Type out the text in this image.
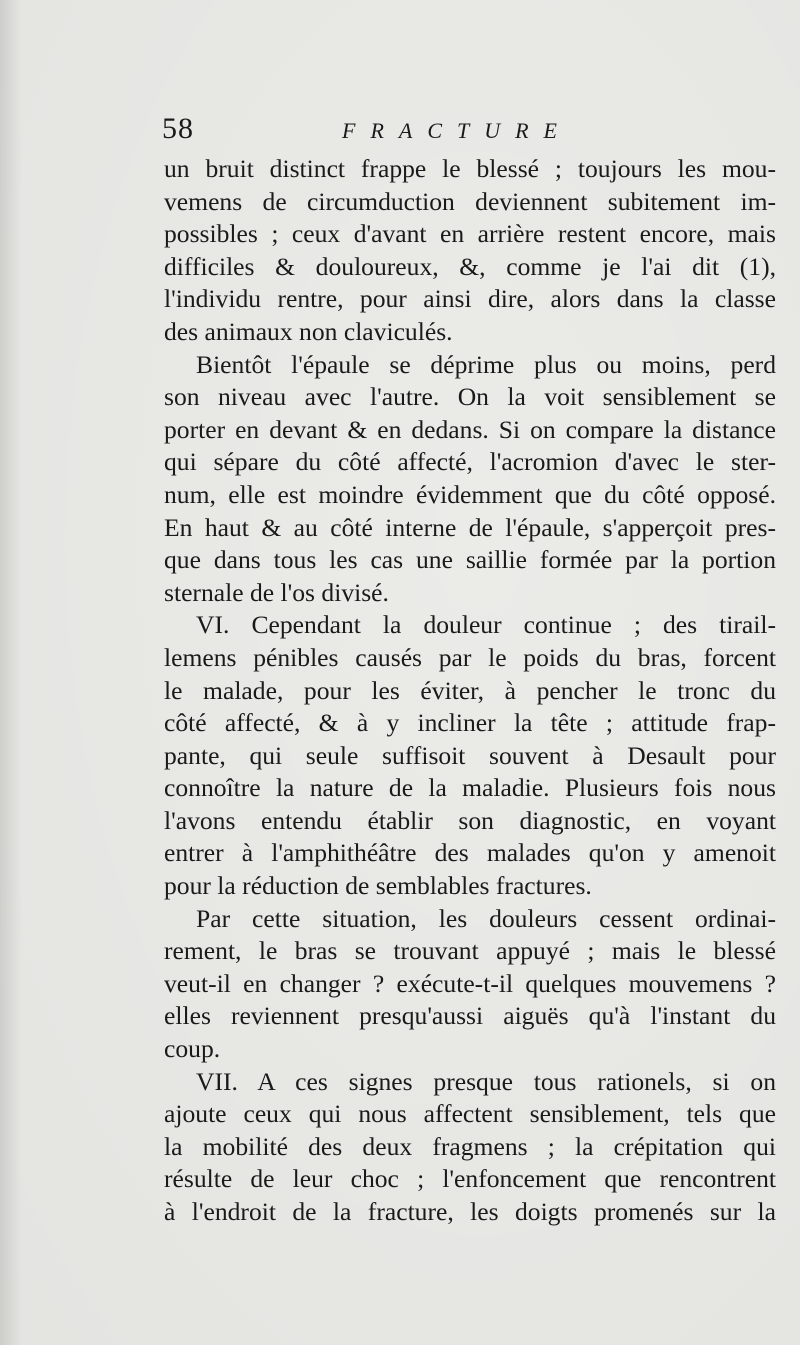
58	FRACTURE
un bruit distinct frappe le blessé ; toujours les mou-
vemens de circumduction deviennent subitement im-
possibles ; ceux d'avant en arrière restent encore, mais
difficiles & douloureux, &, comme je l'ai dit (1),
l'individu rentre, pour ainsi dire, alors dans la classe
des animaux non claviculés.
Bientôt l'épaule se déprime plus ou moins, perd
son niveau avec l'autre. On la voit sensiblement se
porter en devant & en dedans. Si on compare la distance
qui sépare du côté affecté, l'acromion d'avec le ster-
num, elle est moindre évidemment que du côté opposé.
En haut & au côté interne de l'épaule, s'apperçoit pres-
que dans tous les cas une saillie formée par la portion
sternale de l'os divisé.
VI. Cependant la douleur continue ; des tirail-
lemens pénibles causés par le poids du bras, forcent
le malade, pour les éviter, à pencher le tronc du
côté affecté, & à y incliner la tête ; attitude frap-
pante, qui seule suffisoit souvent à Desault pour
connoître la nature de la maladie. Plusieurs fois nous
l'avons entendu établir son diagnostic, en voyant
entrer à l'amphithéâtre des malades qu'on y amenoit
pour la réduction de semblables fractures.
Par cette situation, les douleurs cessent ordinai-
rement, le bras se trouvant appuyé ; mais le blessé
veut-il en changer ? exécute-t-il quelques mouvemens ?
elles reviennent presqu'aussi aiguës qu'à l'instant du
coup.
VII. A ces signes presque tous rationels, si on
ajoute ceux qui nous affectent sensiblement, tels que
la mobilité des deux fragmens ; la crépitation qui
résulte de leur choc ; l'enfoncement que rencontrent
à l'endroit de la fracture, les doigts promenés sur la
